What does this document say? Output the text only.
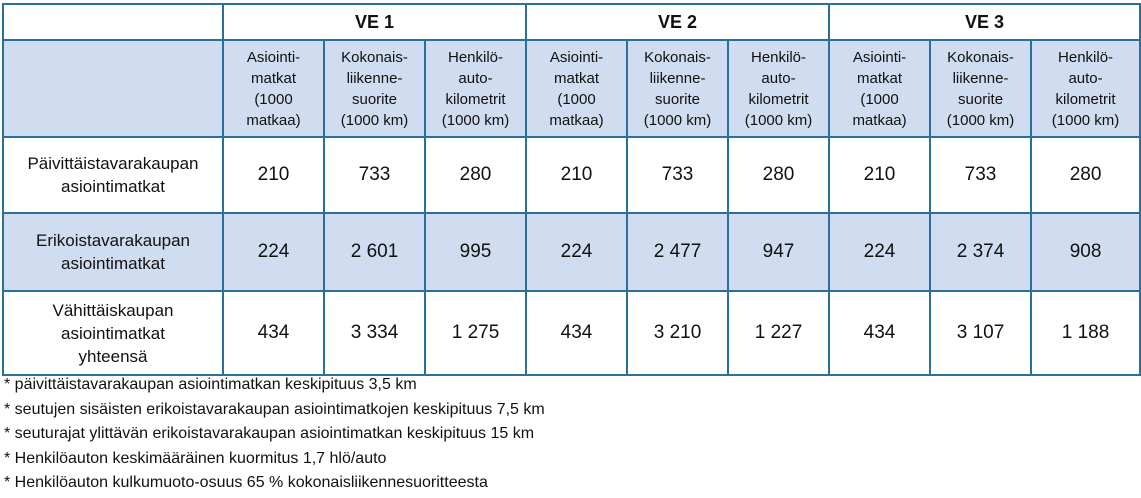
	VE 1			VE 2			VE 3		
	Asiointi-
matkat
(1000
matkaa)	Kokonais-
liikenne-
suorite
(1000 km)	Henkilö-
auto-
kilometrit
(1000 km)	Asiointi-
matkat
(1000
matkaa)	Kokonais-
liikenne-
suorite
(1000 km)	Henkilö-
auto-
kilometrit
(1000 km)	Asiointi-
matkat
(1000
matkaa)	Kokonais-
liikenne-
suorite
(1000 km)	Henkilö-
auto-
kilometrit
(1000 km)
Päivittäistavarakaupan
asiointimatkat	210	733	280	210	733	280	210	733	280
Erikoistavarakaupan
asiointimatkat	224	2 601	995	224	2 477	947	224	2 374	908
Vähittäiskaupan
asiointimatkat
yhteensä	434	3 334	1 275	434	3 210	1 227	434	3 107	1 188
* päivittäistavarakaupan asiointimatkan keskipituus 3,5 km
* seutujen sisäisten erikoistavarakaupan asiointimatkojen keskipituus 7,5 km
* seuturajat ylittävän erikoistavarakaupan asiointimatkan keskipituus 15 km
* Henkilöauton keskimääräinen kuormitus 1,7 hlö/auto
* Henkilöauton kulkumuoto-osuus 65 % kokonaisliikennesuoritteesta
